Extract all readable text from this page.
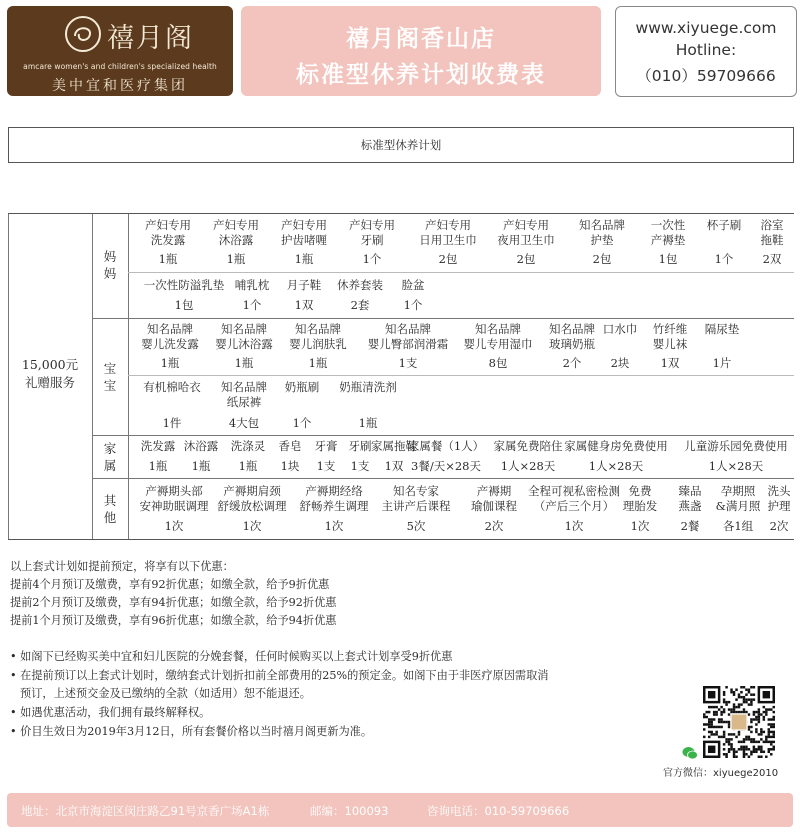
禧月阁
amcare women's and children's specialized health
美中宜和医疗集团
禧月阁香山店
标准型休养计划收费表
www.xiyuege.com
Hotline:
（010）59709666
标准型休养计划
15,000元
礼赠服务
妈
妈
宝
宝
家
属
其
他
产妇专用
洗发露
1瓶
产妇专用
沐浴露
1瓶
产妇专用
护齿啫喱
1瓶
产妇专用
牙刷
1个
产妇专用
日用卫生巾
2包
产妇专用
夜用卫生巾
2包
知名品牌
护垫
2包
一次性
产褥垫
1包
杯子刷
1个
浴室
拖鞋
2双
一次性防溢乳垫
1包
哺乳枕
1个
月子鞋
1双
休养套装
2套
脸盆
1个
知名品牌
婴儿洗发露
1瓶
知名品牌
婴儿沐浴露
1瓶
知名品牌
婴儿润肤乳
1瓶
知名品牌
婴儿臀部润滑霜
1支
知名品牌
婴儿专用湿巾
8包
知名品牌
玻璃奶瓶
2个
口水巾
2块
竹纤维
婴儿袜
1双
隔尿垫
1片
有机棉哈衣
1件
知名品牌
纸尿裤
4大包
奶瓶刷
1个
奶瓶清洗剂
1瓶
洗发露
1瓶
沐浴露
1瓶
洗涤灵
1瓶
香皂
1块
牙膏
1支
牙刷
1支
家属拖鞋
1双
家属餐（1人）
3餐/天×28天
家属免费陪住
1人×28天
家属健身房免费使用
1人×28天
儿童游乐园免费使用
1人×28天
产褥期头部
安神助眠调理
1次
产褥期肩颈
舒缓放松调理
1次
产褥期经络
舒畅养生调理
1次
知名专家
主讲产后课程
5次
产褥期
瑜伽课程
2次
全程可视私密检测
（产后三个月）
1次
免费
理胎发
1次
臻品
燕盏
2餐
孕期照
&满月照
各1组
洗头
护理
2次
以上套式计划如提前预定，将享有以下优惠：
提前4个月预订及缴费，享有92折优惠；如缴全款，给予9折优惠
提前2个月预订及缴费，享有94折优惠；如缴全款，给予92折优惠
提前1个月预订及缴费，享有96折优惠；如缴全款，给予94折优惠
• 如阁下已经购买美中宜和妇儿医院的分娩套餐，任何时候购买以上套式计划享受9折优惠
• 在提前预订以上套式计划时，缴纳套式计划折扣前全部费用的25%的预定金。如阁下由于非医疗原因需取消
预订，上述预交金及已缴纳的全款（如适用）恕不能退还。
• 如遇优惠活动，我们拥有最终解释权。
• 价目生效日为2019年3月12日，所有套餐价格以当时禧月阁更新为准。
官方微信：xiyuege2010
地址：北京市海淀区闵庄路乙91号京香广场A1栋	邮编：100093	咨询电话：010-59709666
